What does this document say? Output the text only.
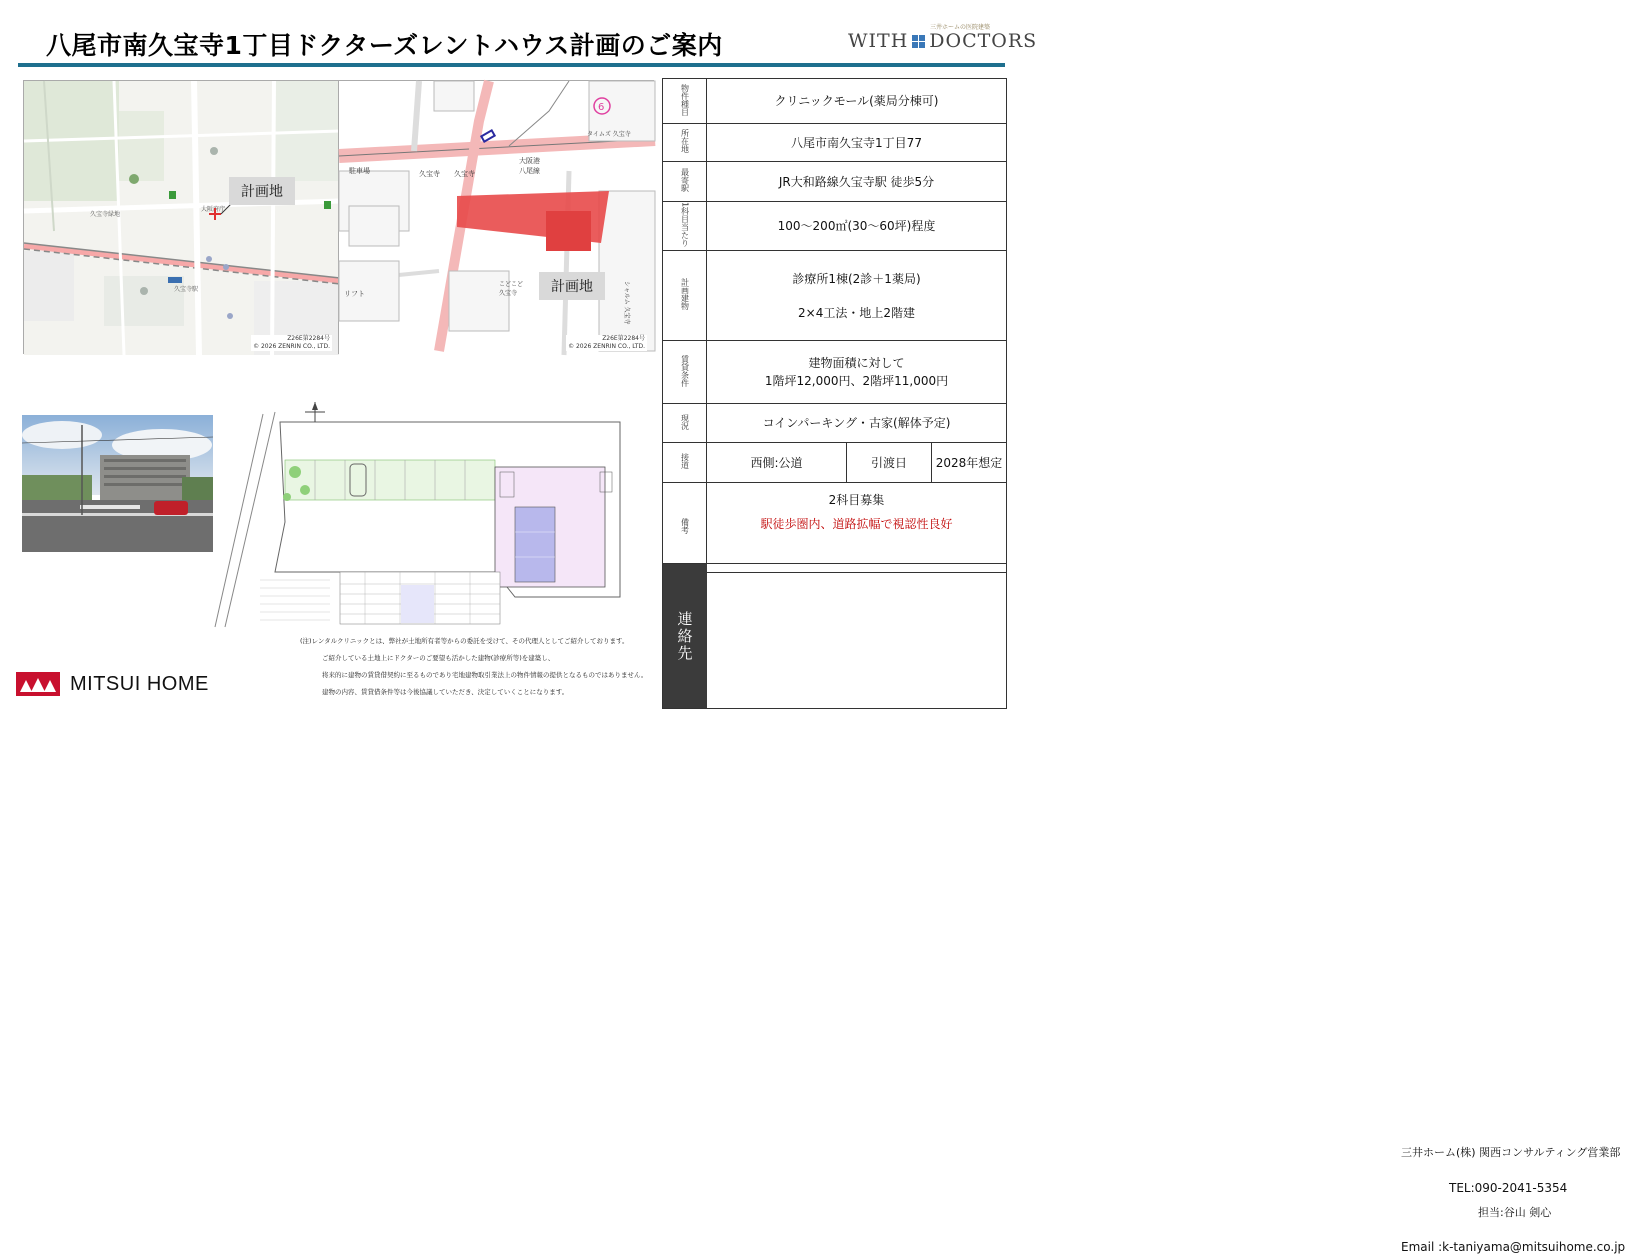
八尾市南久宝寺1丁目ドクターズレントハウス計画のご案内
三井ホームの医院建築
WITH DOCTORS
久宝寺緑地
大阪府庁
久宝寺駅
計画地
Z26E第2284号
© 2026 ZENRIN CO., LTD.
6
駐車場	久宝寺 久宝寺
大阪港
八尾線
リフト
こどこど
久宝寺	シャルム 久宝寺
タイムズ 久宝寺
計画地
Z26E第2284号
© 2026 ZENRIN CO., LTD.
(注)レンタルクリニックとは、弊社が土地所有者等からの委託を受けて、その代理人としてご紹介しております。
ご紹介している土地上にドクターのご要望も活かした建物(診療所等)を建築し、
将来的に建物の賃貸借契約に至るものであり宅地建物取引業法上の物件情報の提供となるものではありません。
建物の内容、賃貸借条件等は今後協議していただき、決定していくことになります。
MITSUI HOME
物件種目	クリニックモール(薬局分棟可)		
所在地	八尾市南久宝寺1丁目77		
最寄駅	JR大和路線久宝寺駅 徒歩5分		
1科目当たり	100～200㎡(30～60坪)程度		
計画建物	診療所1棟(2診＋1薬局)
2×4工法・地上2階建		

賃貸条件	建物面積に対して
1階坪12,000円、2階坪11,000円		

現況	コインパーキング・古家(解体予定)		
接道	西側:公道	引渡日	2028年想定
備考	2科目募集
駅徒歩圏内、道路拡幅で視認性良好		
連絡先
三井ホーム(株) 関西コンサルティング営業部
TEL:090-2041-5354
担当:谷山 剣心
Email :k-taniyama@mitsuihome.co.jp
